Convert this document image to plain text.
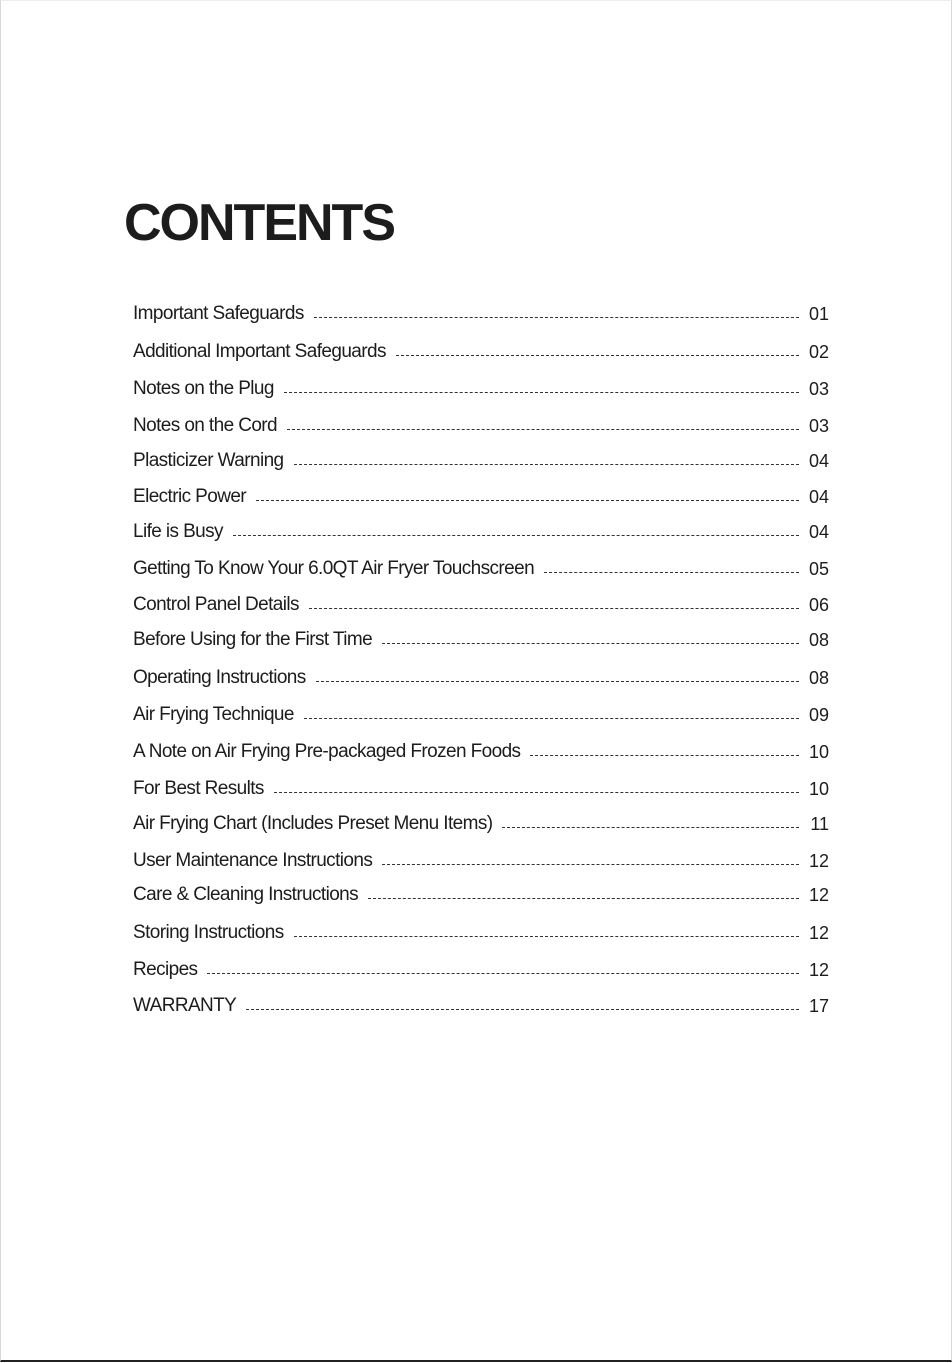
CONTENTS
Important Safeguards	01
Additional Important Safeguards	02
Notes on the Plug	03
Notes on the Cord	03
Plasticizer Warning	04
Electric Power	04
Life is Busy	04
Getting To Know Your 6.0QT Air Fryer Touchscreen	05
Control Panel Details	06
Before Using for the First Time	08
Operating Instructions	08
Air Frying Technique	09
A Note on Air Frying Pre-packaged Frozen Foods	10
For Best Results	10
Air Frying Chart (Includes Preset Menu Items)	11
User Maintenance Instructions	12
Care & Cleaning Instructions	12
Storing Instructions	12
Recipes	12
WARRANTY	17
